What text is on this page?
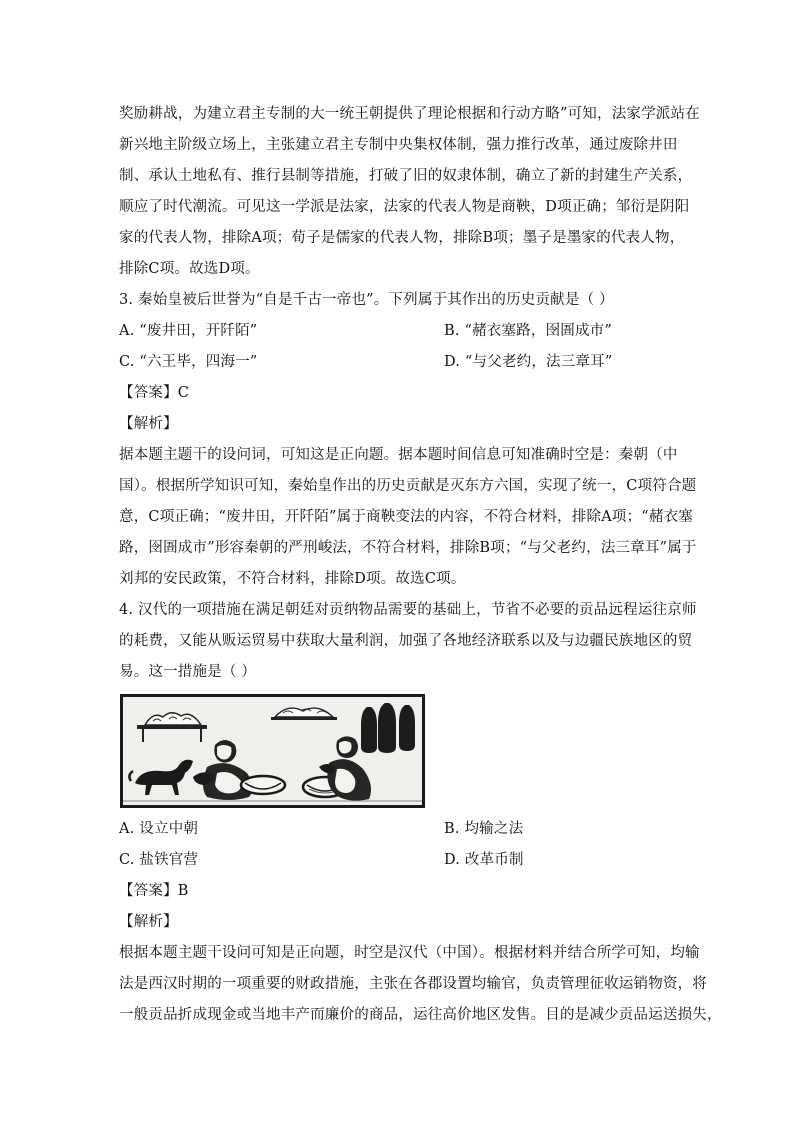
奖励耕战，为建立君主专制的大一统王朝提供了理论根据和行动方略”可知，法家学派站在
新兴地主阶级立场上，主张建立君主专制中央集权体制，强力推行改革，通过废除井田
制、承认土地私有、推行县制等措施，打破了旧的奴隶体制，确立了新的封建生产关系，
顺应了时代潮流。可见这一学派是法家，法家的代表人物是商鞅，D项正确；邹衍是阴阳
家的代表人物，排除A项；荀子是儒家的代表人物，排除B项；墨子是墨家的代表人物，
排除C项。故选D项。
3. 秦始皇被后世誉为“自是千古一帝也”。下列属于其作出的历史贡献是（ ）
A. “废井田，开阡陌”	B. “赭衣塞路，囹圄成市”
C. “六王毕，四海一”	D. “与父老约，法三章耳”
【答案】C
【解析】
据本题主题干的设问词，可知这是正向题。据本题时间信息可知准确时空是：秦朝（中
国）。根据所学知识可知，秦始皇作出的历史贡献是灭东方六国，实现了统一，C项符合题
意，C项正确；“废井田，开阡陌”属于商鞅变法的内容，不符合材料，排除A项；“赭衣塞
路，囹圄成市”形容秦朝的严刑峻法，不符合材料，排除B项；“与父老约，法三章耳”属于
刘邦的安民政策，不符合材料，排除D项。故选C项。
4. 汉代的一项措施在满足朝廷对贡纳物品需要的基础上，节省不必要的贡品远程运往京师
的耗费，又能从贩运贸易中获取大量利润，加强了各地经济联系以及与边疆民族地区的贸
易。这一措施是（ ）
A. 设立中朝	B. 均输之法
C. 盐铁官营	D. 改革币制
【答案】B
【解析】
根据本题主题干设问可知是正向题，时空是汉代（中国）。根据材料并结合所学可知，均输
法是西汉时期的一项重要的财政措施，主张在各郡设置均输官，负责管理征收运销物资，将
一般贡品折成现金或当地丰产而廉价的商品，运往高价地区发售。目的是减少贡品运送损失，
